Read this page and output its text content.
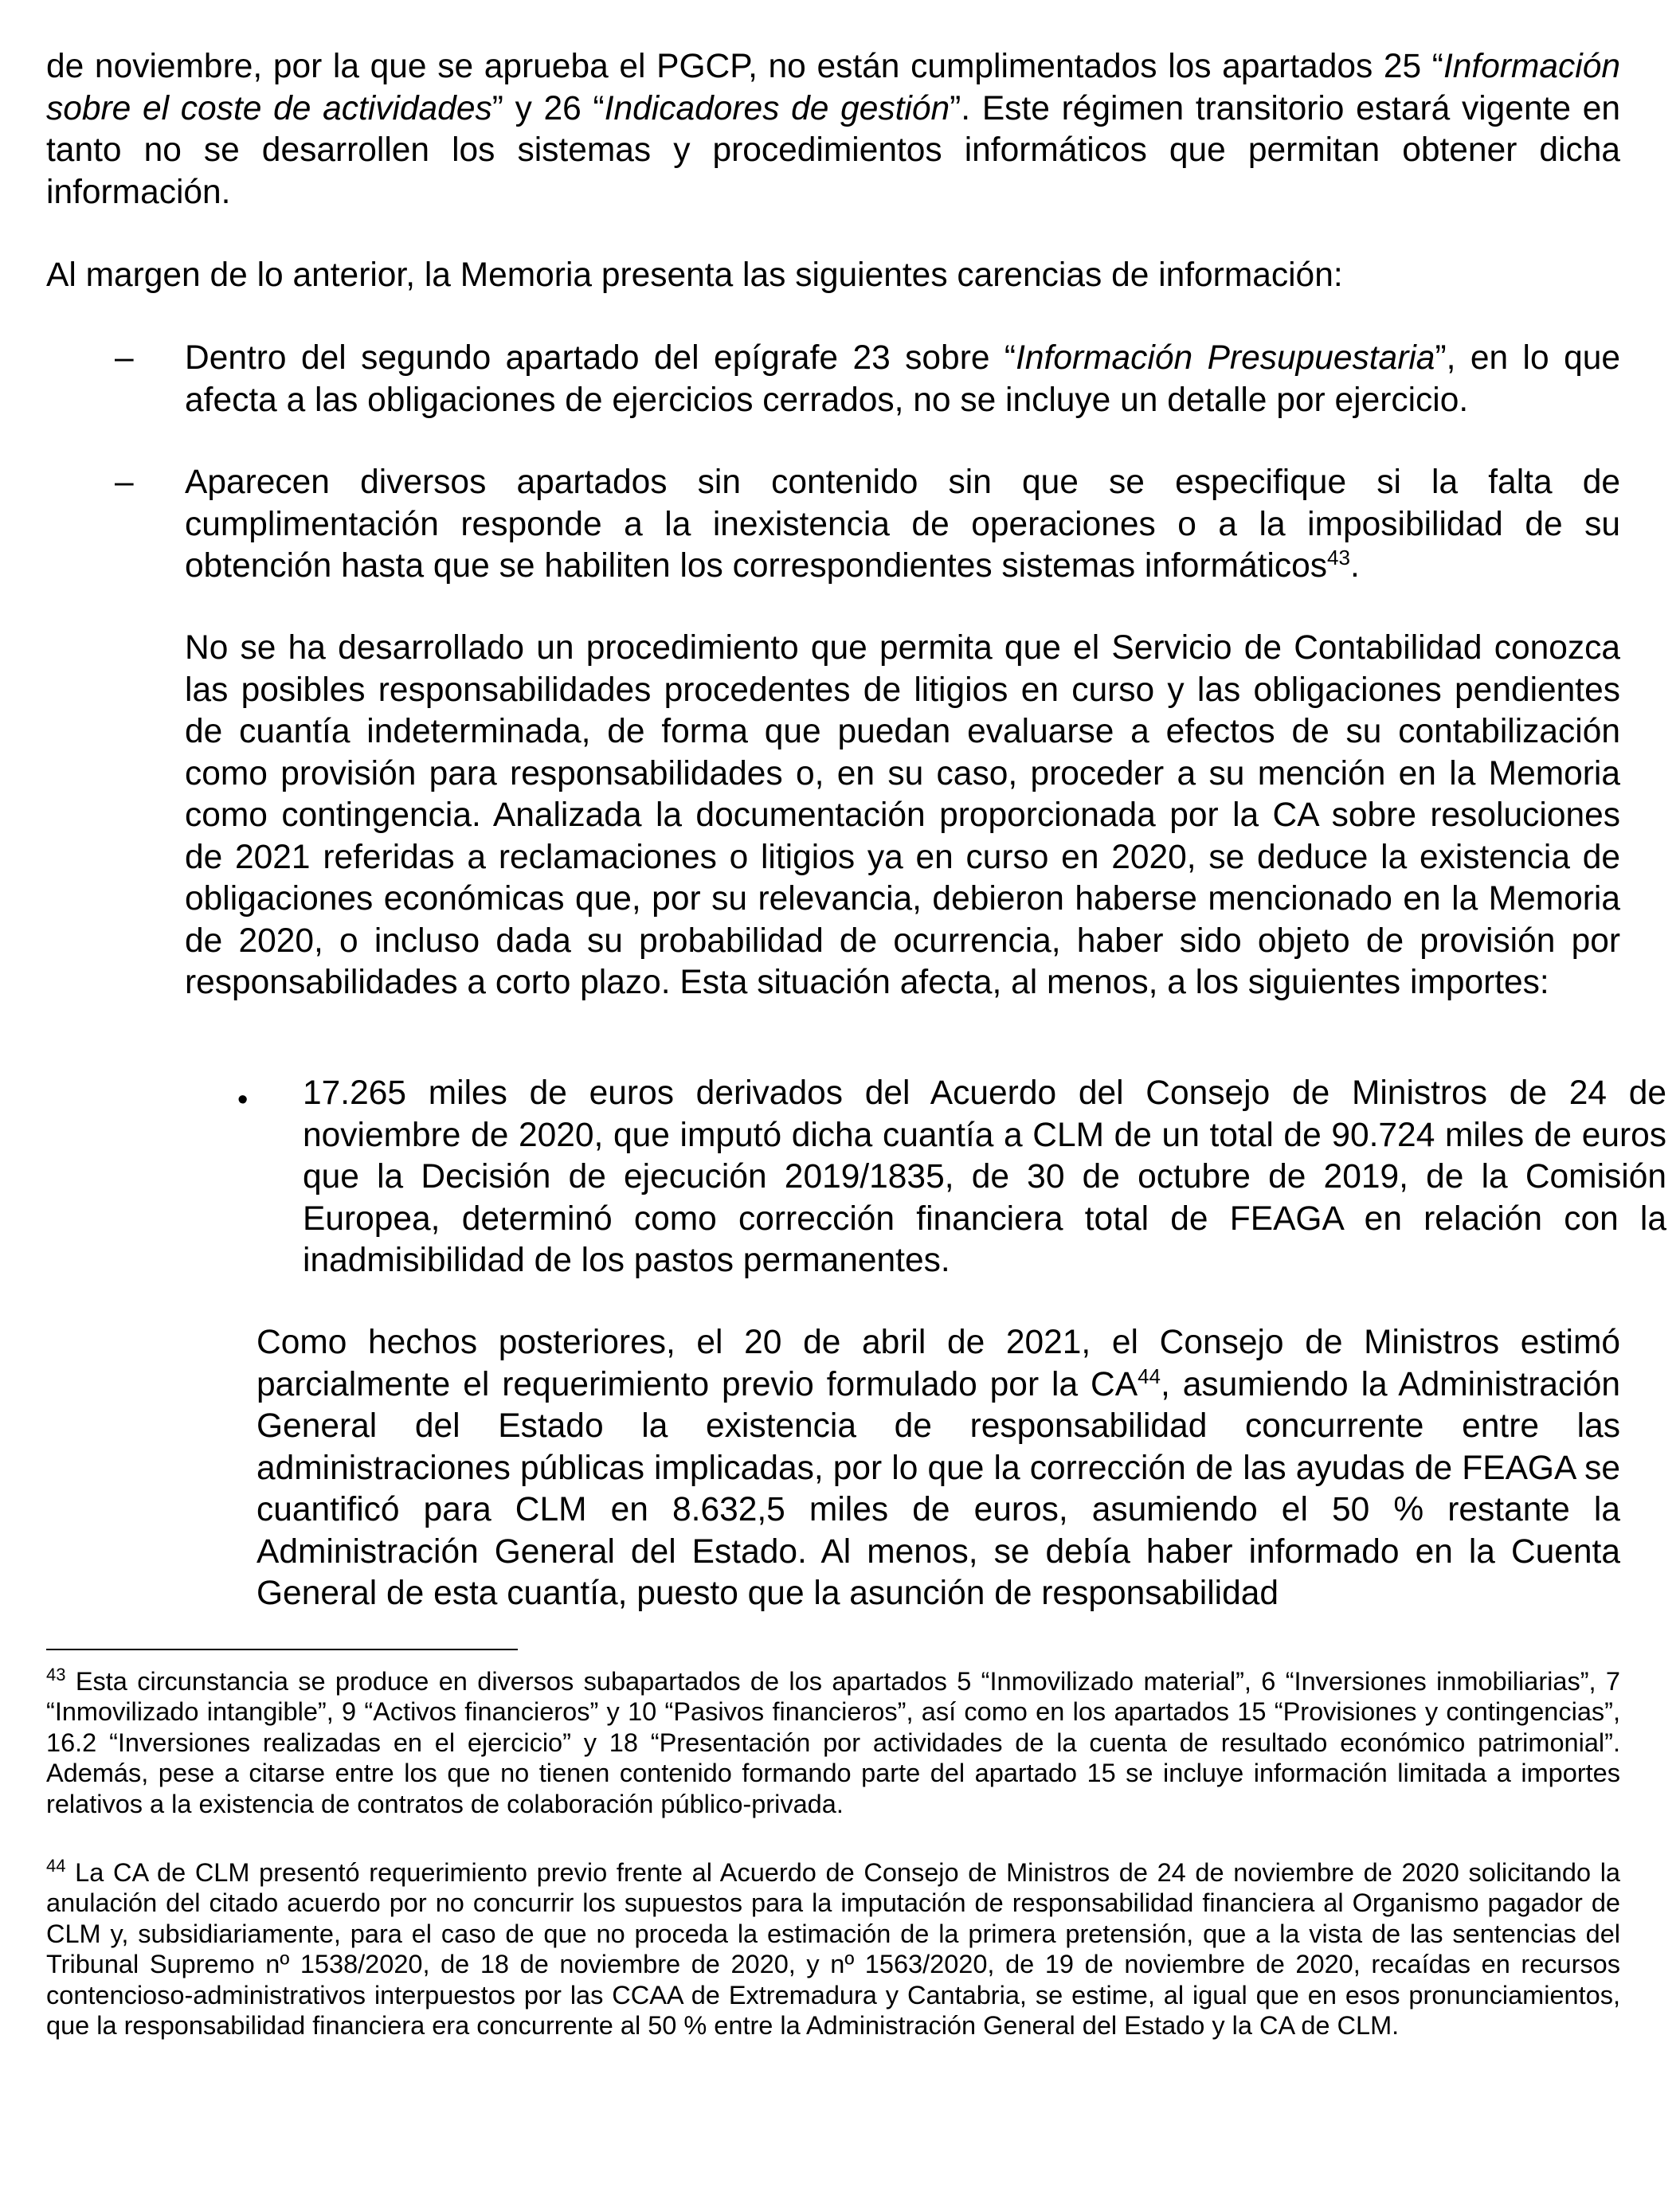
de noviembre, por la que se aprueba el PGCP, no están cumplimentados los apartados 25 “Información sobre el coste de actividades” y 26 “Indicadores de gestión”. Este régimen transitorio estará vigente en tanto no se desarrollen los sistemas y procedimientos informáticos que permitan obtener dicha información.

Al margen de lo anterior, la Memoria presenta las siguientes carencias de información:

–	Dentro del segundo apartado del epígrafe 23 sobre “Información Presupuestaria”, en lo que afecta a las obligaciones de ejercicios cerrados, no se incluye un detalle por ejercicio.
–	Aparecen diversos apartados sin contenido sin que se especifique si la falta de cumplimentación responde a la inexistencia de operaciones o a la imposibilidad de su obtención hasta que se habiliten los correspondientes sistemas informáticos$^{43}$.

No se ha desarrollado un procedimiento que permita que el Servicio de Contabilidad conozca las posibles responsabilidades procedentes de litigios en curso y las obligaciones pendientes de cuantía indeterminada, de forma que puedan evaluarse a efectos de su contabilización como provisión para responsabilidades o, en su caso, proceder a su mención en la Memoria como contingencia. Analizada la documentación proporcionada por la CA sobre resoluciones de 2021 referidas a reclamaciones o litigios ya en curso en 2020, se deduce la existencia de obligaciones económicas que, por su relevancia, debieron haberse mencionado en la Memoria de 2020, o incluso dada su probabilidad de ocurrencia, haber sido objeto de provisión por responsabilidades a corto plazo. Esta situación afecta, al menos, a los siguientes importes:

• 17.265 miles de euros derivados del Acuerdo del Consejo de Ministros de 24 de noviembre de 2020, que imputó dicha cuantía a CLM de un total de 90.724 miles de euros que la Decisión de ejecución 2019/1835, de 30 de octubre de 2019, de la Comisión Europea, determinó como corrección financiera total de FEAGA en relación con la inadmisibilidad de los pastos permanentes.

Como hechos posteriores, el 20 de abril de 2021, el Consejo de Ministros estimó parcialmente el requerimiento previo formulado por la CA$^{44}$, asumiendo la Administración General del Estado la existencia de responsabilidad concurrente entre las administraciones públicas implicadas, por lo que la corrección de las ayudas de FEAGA se cuantificó para CLM en 8.632,5 miles de euros, asumiendo el 50 % restante la Administración General del Estado. Al menos, se debía haber informado en la Cuenta General de esta cuantía, puesto que la asunción de responsabilidad

$^{43}$ Esta circunstancia se produce en diversos subapartados de los apartados 5 “Inmovilizado material”, 6 “Inversiones inmobiliarias”, 7 “Inmovilizado intangible”, 9 “Activos financieros” y 10 “Pasivos financieros”, así como en los apartados 15 “Provisiones y contingencias”, 16.2 “Inversiones realizadas en el ejercicio” y 18 “Presentación por actividades de la cuenta de resultado económico patrimonial”. Además, pese a citarse entre los que no tienen contenido formando parte del apartado 15 se incluye información limitada a importes relativos a la existencia de contratos de colaboración público-privada.
$^{44}$ La CA de CLM presentó requerimiento previo frente al Acuerdo de Consejo de Ministros de 24 de noviembre de 2020 solicitando la anulación del citado acuerdo por no concurrir los supuestos para la imputación de responsabilidad financiera al Organismo pagador de CLM y, subsidiariamente, para el caso de que no proceda la estimación de la primera pretensión, que a la vista de las sentencias del Tribunal Supremo nº 1538/2020, de 18 de noviembre de 2020, y nº 1563/2020, de 19 de noviembre de 2020, recaídas en recursos contencioso-administrativos interpuestos por las CCAA de Extremadura y Cantabria, se estime, al igual que en esos pronunciamientos, que la responsabilidad financiera era concurrente al 50 % entre la Administración General del Estado y la CA de CLM.
